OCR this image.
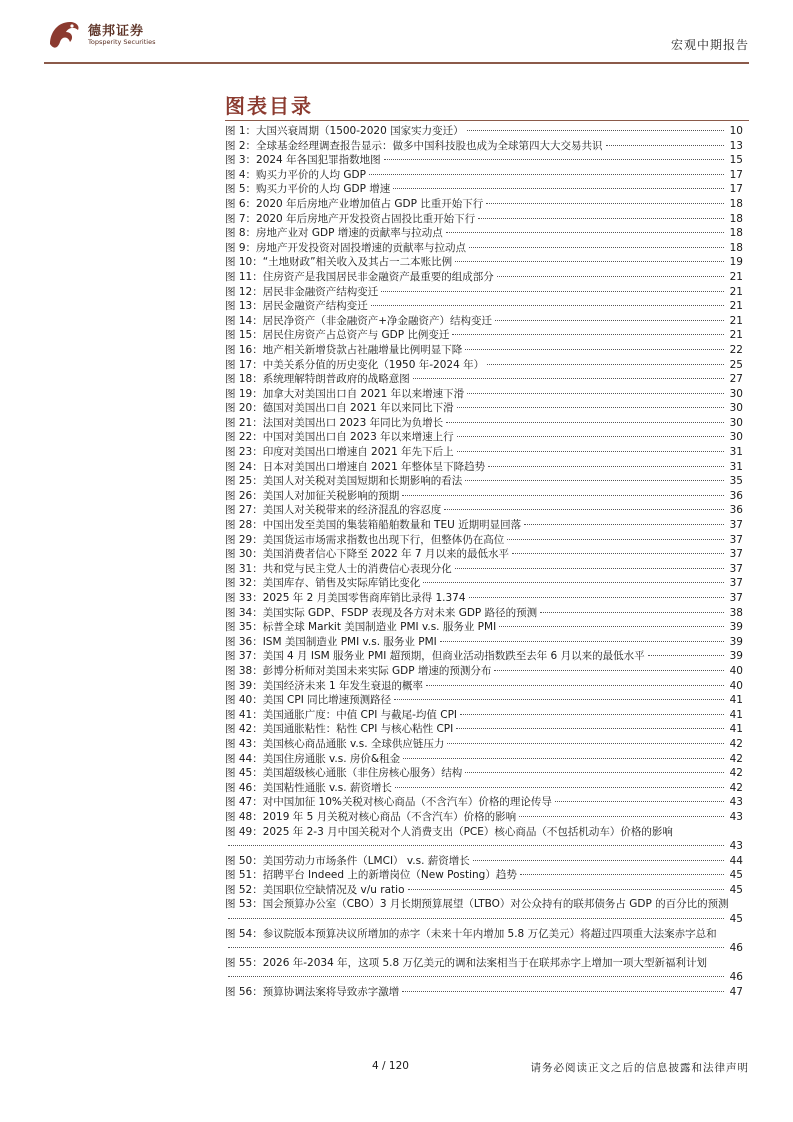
德邦证券
Topsperity Securities	宏观中期报告
图表目录
图 1：大国兴衰周期（1500-2020 国家实力变迁）	10
图 2：全球基金经理调查报告显示：做多中国科技股也成为全球第四大大交易共识	13
图 3：2024 年各国犯罪指数地图	15
图 4：购买力平价的人均 GDP	17
图 5：购买力平价的人均 GDP 增速	17
图 6：2020 年后房地产业增加值占 GDP 比重开始下行	18
图 7：2020 年后房地产开发投资占固投比重开始下行	18
图 8：房地产业对 GDP 增速的贡献率与拉动点	18
图 9：房地产开发投资对固投增速的贡献率与拉动点	18
图 10：“土地财政”相关收入及其占一二本账比例	19
图 11：住房资产是我国居民非金融资产最重要的组成部分	21
图 12：居民非金融资产结构变迁	21
图 13：居民金融资产结构变迁	21
图 14：居民净资产（非金融资产+净金融资产）结构变迁	21
图 15：居民住房资产占总资产与 GDP 比例变迁	21
图 16：地产相关新增贷款占社融增量比例明显下降	22
图 17：中美关系分值的历史变化（1950 年-2024 年）	25
图 18：系统理解特朗普政府的战略意图	27
图 19：加拿大对美国出口自 2021 年以来增速下滑	30
图 20：德国对美国出口自 2021 年以来同比下滑	30
图 21：法国对美国出口 2023 年同比为负增长	30
图 22：中国对美国出口自 2023 年以来增速上行	30
图 23：印度对美国出口增速自 2021 年先下后上	31
图 24：日本对美国出口增速自 2021 年整体呈下降趋势	31
图 25：美国人对关税对美国短期和长期影响的看法	35
图 26：美国人对加征关税影响的预期	36
图 27：美国人对关税带来的经济混乱的容忍度	36
图 28：中国出发至美国的集装箱船舶数量和 TEU 近期明显回落	37
图 29：美国货运市场需求指数也出现下行，但整体仍在高位	37
图 30：美国消费者信心下降至 2022 年 7 月以来的最低水平	37
图 31：共和党与民主党人士的消费信心表现分化	37
图 32：美国库存、销售及实际库销比变化	37
图 33：2025 年 2 月美国零售商库销比录得 1.374	37
图 34：美国实际 GDP、FSDP 表现及各方对未来 GDP 路径的预测	38
图 35：标普全球 Markit 美国制造业 PMI v.s. 服务业 PMI	39
图 36：ISM 美国制造业 PMI v.s. 服务业 PMI	39
图 37：美国 4 月 ISM 服务业 PMI 超预期，但商业活动指数跌至去年 6 月以来的最低水平	39
图 38：彭博分析师对美国未来实际 GDP 增速的预测分布	40
图 39：美国经济未来 1 年发生衰退的概率	40
图 40：美国 CPI 同比增速预测路径	41
图 41：美国通胀广度：中值 CPI 与截尾-均值 CPI	41
图 42：美国通胀粘性：粘性 CPI 与核心粘性 CPI	41
图 43：美国核心商品通胀 v.s. 全球供应链压力	42
图 44：美国住房通胀 v.s. 房价&租金	42
图 45：美国超级核心通胀（非住房核心服务）结构	42
图 46：美国粘性通胀 v.s. 薪资增长	42
图 47：对中国加征 10%关税对核心商品（不含汽车）价格的理论传导	43
图 48：2019 年 5 月关税对核心商品（不含汽车）价格的影响	43
图 49：2025 年 2-3 月中国关税对个人消费支出（PCE）核心商品（不包括机动车）价格的影响
43
图 50：美国劳动力市场条件（LMCI） v.s. 薪资增长	44
图 51：招聘平台 Indeed 上的新增岗位（New Posting）趋势	45
图 52：美国职位空缺情况及 v/u ratio	45
图 53：国会预算办公室（CBO）3 月长期预算展望（LTBO）对公众持有的联邦债务占 GDP 的百分比的预测
45
图 54：参议院版本预算决议所增加的赤字（未来十年内增加 5.8 万亿美元）将超过四项重大法案赤字总和
46
图 55：2026 年-2034 年，这项 5.8 万亿美元的调和法案相当于在联邦赤字上增加一项大型新福利计划
46
图 56：预算协调法案将导致赤字激增	47
4 / 120	请务必阅读正文之后的信息披露和法律声明
